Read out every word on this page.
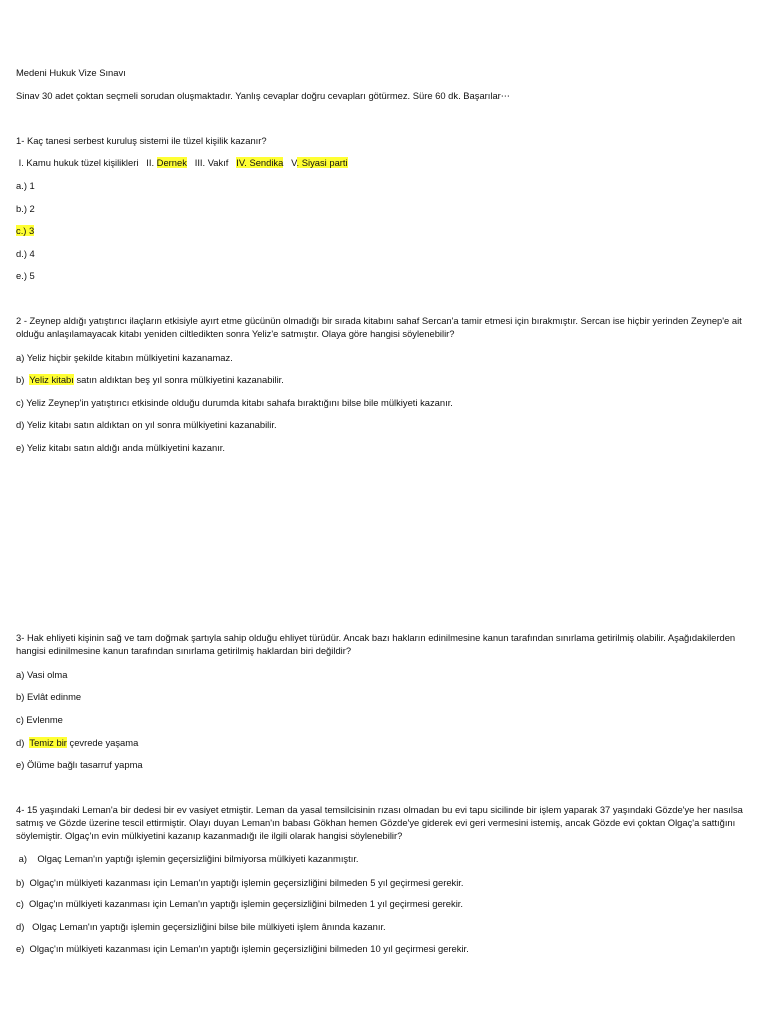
Medeni Hukuk Vize Sınavı
Sinav 30 adet çoktan seçmeli sorudan oluşmaktadır. Yanlış cevaplar doğru cevapları götürmez. Süre 60 dk. Başarılar⋯
1- Kaç tanesi serbest kuruluş sistemi ile tüzel kişilik kazanır?
I. Kamu hukuk tüzel kişilikleri   II. Dernek   III. Vakıf   IV. Sendika   V. Siyasi parti
a.) 1
b.) 2
c.) 3
d.) 4
e.) 5
2 - Zeynep aldığı yatıştırıcı ilaçların etkisiyle ayırt etme gücünün olmadığı bir sırada kitabını sahaf Sercan'a tamir etmesi için bırakmıştır. Sercan ise hiçbir yerinden Zeynep'e ait olduğu anlaşılamayacak kitabı yeniden ciltledikten sonra Yeliz'e satmıştır. Olaya göre hangisi söylenebilir?
a) Yeliz hiçbir şekilde kitabın mülkiyetini kazanamaz.
b)  Yeliz kitabı satın aldıktan beş yıl sonra mülkiyetini kazanabilir.
c) Yeliz Zeynep'in yatıştırıcı etkisinde olduğu durumda kitabı sahafa bıraktığını bilse bile mülkiyeti kazanır.
d) Yeliz kitabı satın aldıktan on yıl sonra mülkiyetini kazanabilir.
e) Yeliz kitabı satın aldığı anda mülkiyetini kazanır.
3- Hak ehliyeti kişinin sağ ve tam doğmak şartıyla sahip olduğu ehliyet türüdür. Ancak bazı hakların edinilmesine kanun tarafından sınırlama getirilmiş olabilir. Aşağıdakilerden hangisi edinilmesine kanun tarafından sınırlama getirilmiş haklardan biri değildir?
a) Vasi olma
b) Evlât edinme
c) Evlenme
d)  Temiz bir çevrede yaşama
e) Ölüme bağlı tasarruf yapma
4- 15 yaşındaki Leman'a bir dedesi bir ev vasiyet etmiştir. Leman da yasal temsilcisinin rızası olmadan bu evi tapu sicilinde bir işlem yaparak 37 yaşındaki Gözde'ye her nasılsa satmış ve Gözde üzerine tescil ettirmiştir. Olayı duyan Leman'ın babası Gökhan hemen Gözde'ye giderek evi geri vermesini istemiş, ancak Gözde evi çoktan Olgaç'a sattığını söylemiştir. Olgaç'ın evin mülkiyetini kazanıp kazanmadığı ile ilgili olarak hangisi söylenebilir?
a)    Olgaç Leman'ın yaptığı işlemin geçersizliğini bilmiyorsa mülkiyeti kazanmıştır.
b)  Olgaç'ın mülkiyeti kazanması için Leman'ın yaptığı işlemin geçersizliğini bilmeden 5 yıl geçirmesi gerekir.
c)  Olgaç'ın mülkiyeti kazanması için Leman'ın yaptığı işlemin geçersizliğini bilmeden 1 yıl geçirmesi gerekir.
d)   Olgaç Leman'ın yaptığı işlemin geçersizliğini bilse bile mülkiyeti işlem ânında kazanır.
e)  Olgaç'ın mülkiyeti kazanması için Leman'ın yaptığı işlemin geçersizliğini bilmeden 10 yıl geçirmesi gerekir.
